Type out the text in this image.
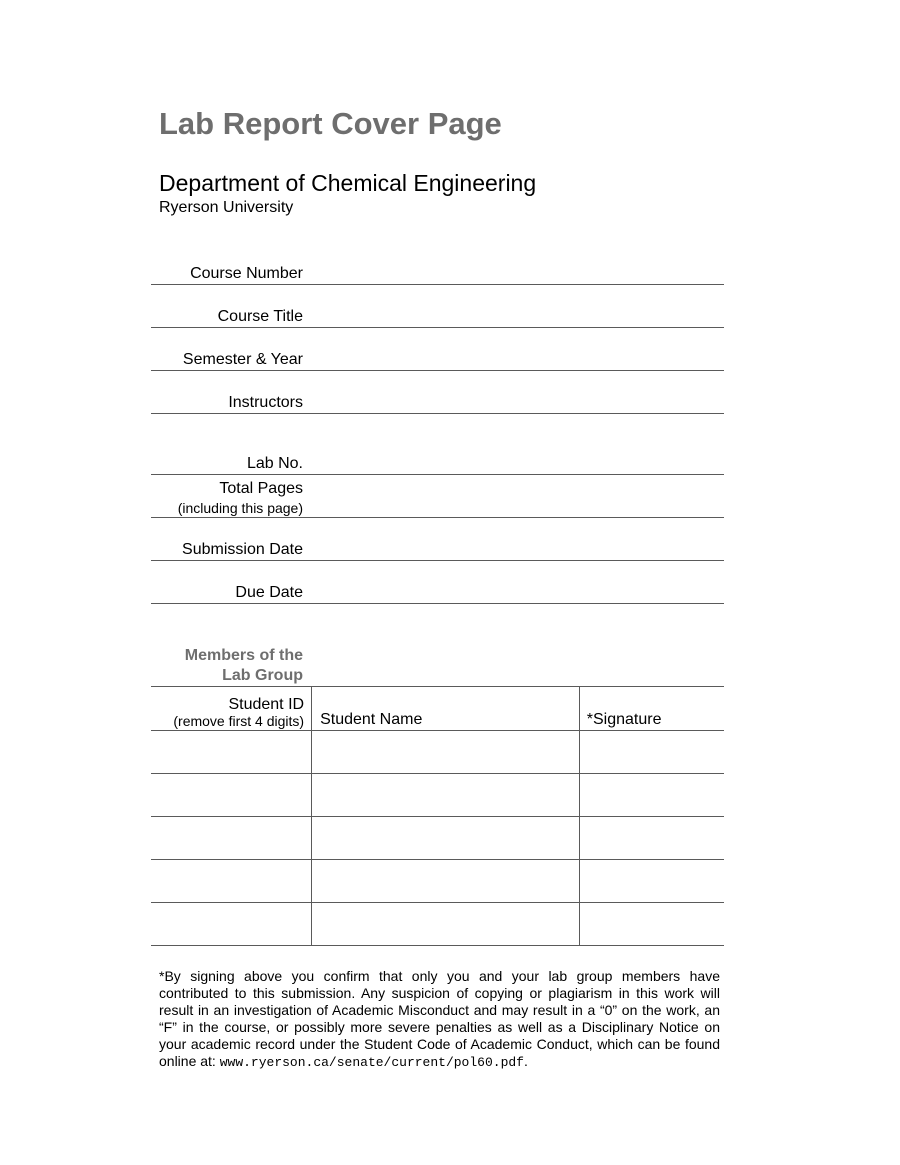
Lab Report Cover Page
Department of Chemical Engineering
Ryerson University
Course Number
Course Title
Semester & Year
Instructors
Lab No.
Total Pages
(including this page)
Submission Date
Due Date
Members of the
Lab Group
Student ID
(remove first 4 digits)	Student Name	*Signature

*By signing above you confirm that only you and your lab group members have contributed to this submission. Any suspicion of copying or plagiarism in this work will result in an investigation of Academic Misconduct and may result in a “0” on the work, an “F” in the course, or possibly more severe penalties as well as a Disciplinary Notice on your academic record under the Student Code of Academic Conduct, which can be found online at: www.ryerson.ca/senate/current/pol60.pdf.
